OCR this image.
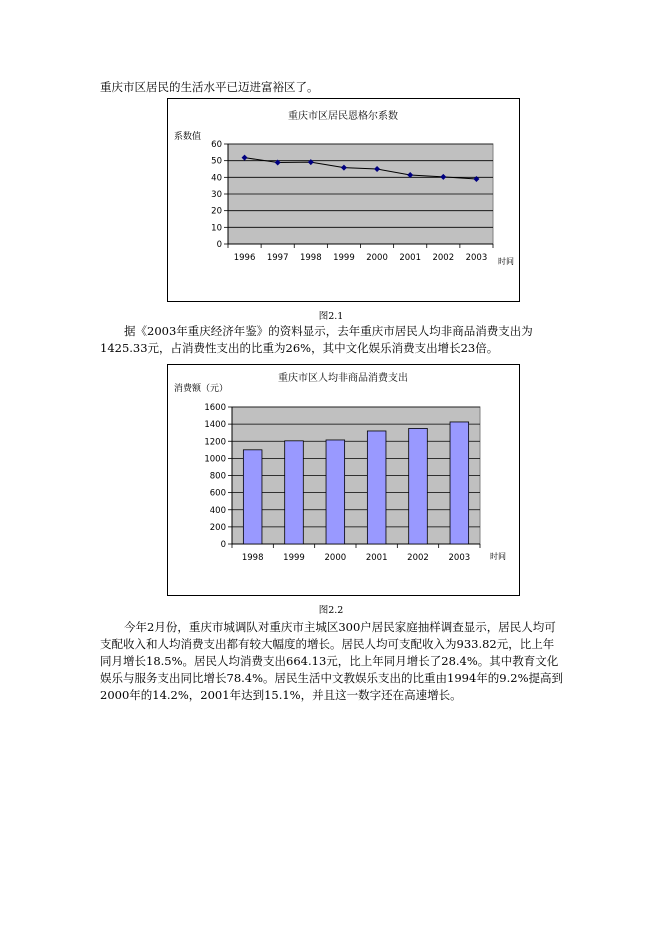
重庆市区居民的生活水平已迈进富裕区了。

重庆市区居民恩格尔系数
系数值
0
10
20
30
40
50
60
1996 1997 1998 1999 2000 2001 2002 2003 时间
图2.1

据《2003年重庆经济年鉴》的资料显示，去年重庆市居民人均非商品消费支出为1425.33元，占消费性支出的比重为26%，其中文化娱乐消费支出增长23倍。

重庆市区人均非商品消费支出
消费额（元）
0
200
400
600
800
1000
1200
1400
1600
1998 1999 2000 2001 2002 2003 时间
图2.2

今年2月份，重庆市城调队对重庆市主城区300户居民家庭抽样调查显示，居民人均可支配收入和人均消费支出都有较大幅度的增长。居民人均可支配收入为933.82元，比上年同月增长18.5%。居民人均消费支出664.13元，比上年同月增长了28.4%。其中教育文化娱乐与服务支出同比增长78.4%。居民生活中文教娱乐支出的比重由1994年的9.2%提高到2000年的14.2%，2001年达到15.1%，并且这一数字还在高速增长。
